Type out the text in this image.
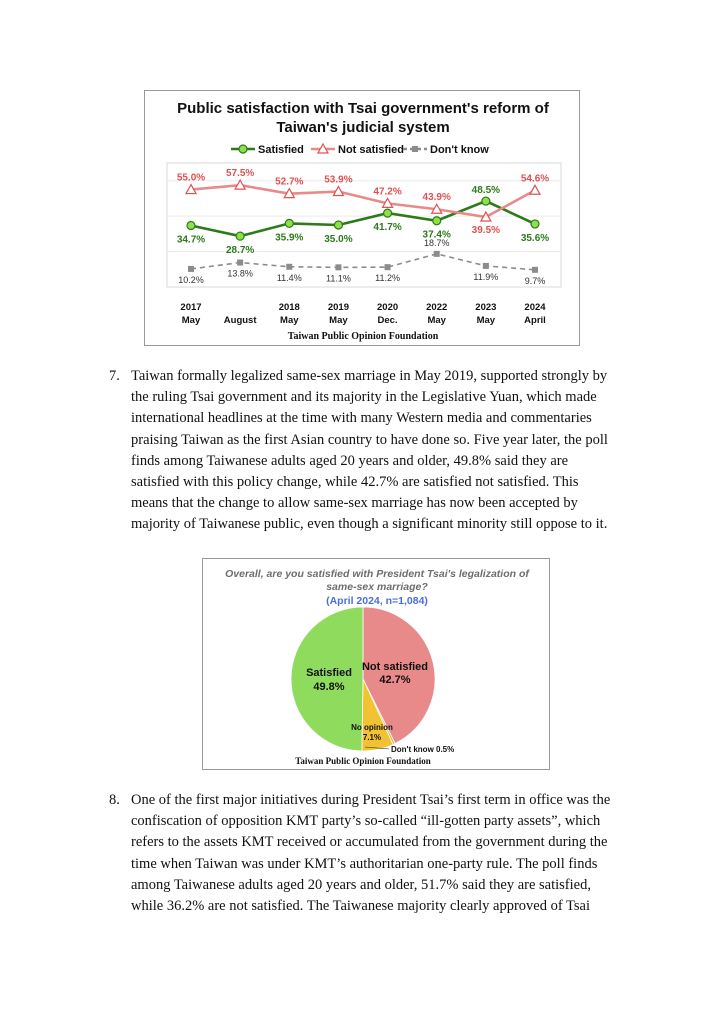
Public satisfaction with Tsai government's reform of
Taiwan's judicial system
Satisfied	Not satisfied Don't know
34.7%
28.7%
35.9% 35.0%
41.7%
37.4%
48.5%
35.6%
55.0% 57.5%
52.7% 53.9%
47.2%
43.9%
39.5%
54.6%
10.2%
13.8%	11.4%	11.1%	11.2%
18.7%
11.9%	9.7%
2017
May August
2018
May
2019
May
2020
Dec.
2022
May
2023
May
2024
April
Taiwan Public Opinion Foundation
7. Taiwan formally legalized same-sex marriage in May 2019, supported strongly by
the ruling Tsai government and its majority in the Legislative Yuan, which made
international headlines at the time with many Western media and commentaries
praising Taiwan as the first Asian country to have done so. Five year later, the poll
finds among Taiwanese adults aged 20 years and older, 49.8% said they are
satisfied with this policy change, while 42.7% are satisfied not satisfied. This
means that the change to allow same-sex marriage has now been accepted by
majority of Taiwanese public, even though a significant minority still oppose to it.
Overall, are you satisfied with President Tsai's legalization of
same-sex marriage?
(April 2024, n=1,084)
Not satisfied
42.7%
Satisfied
49.8%
No opinion
7.1%
Don't know 0.5%
Taiwan Public Opinion Foundation
8. One of the first major initiatives during President Tsai’s first term in office was the
confiscation of opposition KMT party’s so-called “ill-gotten party assets”, which
refers to the assets KMT received or accumulated from the government during the
time when Taiwan was under KMT’s authoritarian one-party rule. The poll finds
among Taiwanese adults aged 20 years and older, 51.7% said they are satisfied,
while 36.2% are not satisfied. The Taiwanese majority clearly approved of Tsai
